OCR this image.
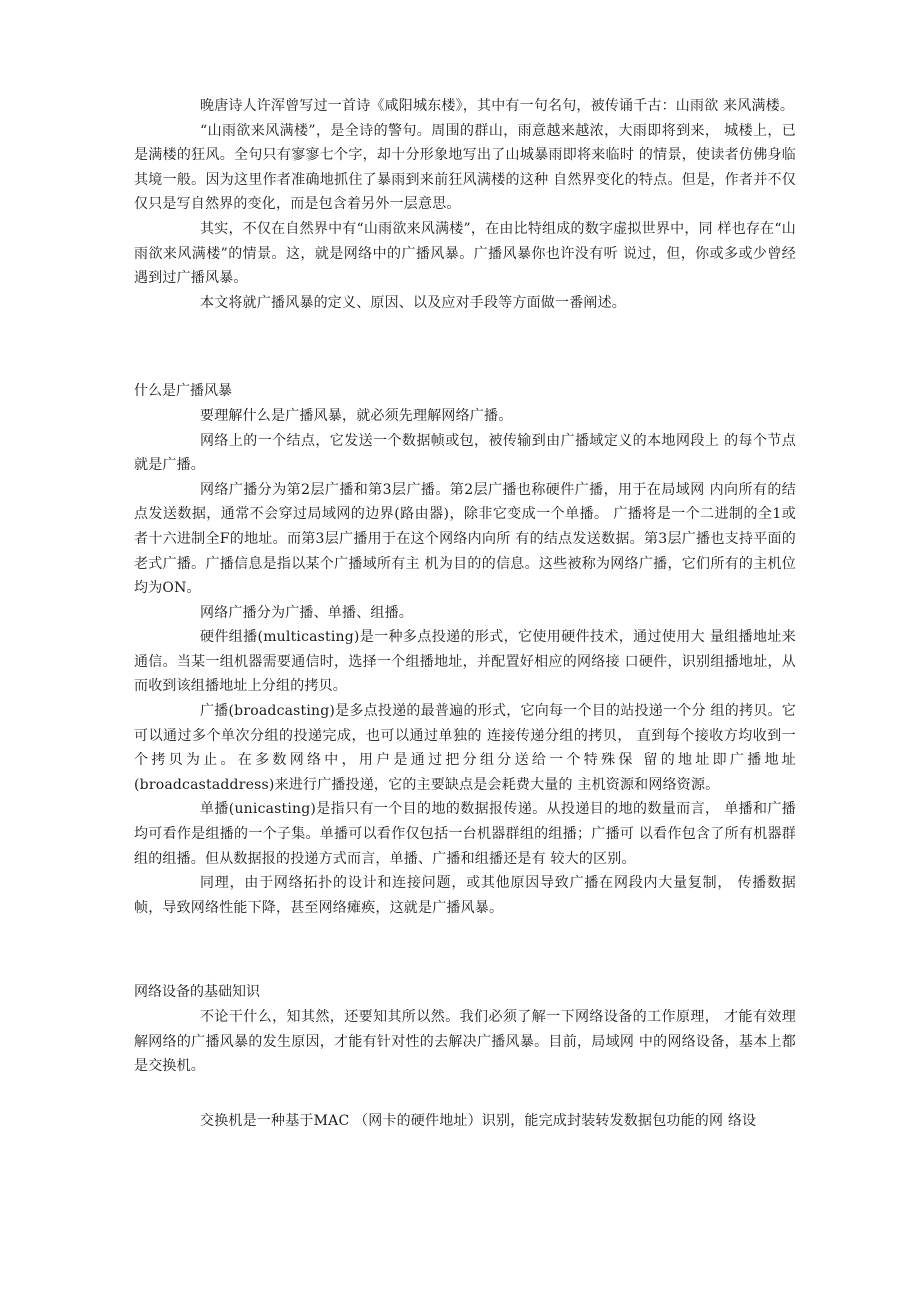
晚唐诗人许浑曾写过一首诗《咸阳城东楼》，其中有一句名句，被传诵千古：山雨欲 来风满楼。

“山雨欲来风满楼”，是全诗的警句。周围的群山，雨意越来越浓，大雨即将到来， 城楼上，已是满楼的狂风。全句只有寥寥七个字，却十分形象地写出了山城暴雨即将来临时 的情景，使读者仿佛身临其境一般。因为这里作者准确地抓住了暴雨到来前狂风满楼的这种 自然界变化的特点。但是，作者并不仅仅只是写自然界的变化，而是包含着另外一层意思。

其实，不仅在自然界中有“山雨欲来风满楼”，在由比特组成的数字虚拟世界中，同 样也存在“山雨欲来风满楼”的情景。这，就是网络中的广播风暴。广播风暴你也许没有听 说过，但，你或多或少曾经遇到过广播风暴。

本文将就广播风暴的定义、原因、以及应对手段等方面做一番阐述。

什么是广播风暴

要理解什么是广播风暴，就必须先理解网络广播。

网络上的一个结点，它发送一个数据帧或包，被传输到由广播域定义的本地网段上 的每个节点就是广播。

网络广播分为第2层广播和第3层广播。第2层广播也称硬件广播，用于在局域网 内向所有的结点发送数据，通常不会穿过局域网的边界(路由器)，除非它变成一个单播。 广播将是一个二进制的全1或者十六进制全F的地址。而第3层广播用于在这个网络内向所 有的结点发送数据。第3层广播也支持平面的老式广播。广播信息是指以某个广播域所有主 机为目的的信息。这些被称为网络广播，它们所有的主机位均为ON。

网络广播分为广播、单播、组播。

硬件组播(multicasting)是一种多点投递的形式，它使用硬件技术，通过使用大 量组播地址来通信。当某一组机器需要通信时，选择一个组播地址，并配置好相应的网络接 口硬件，识别组播地址，从而收到该组播地址上分组的拷贝。

广播(broadcasting)是多点投递的最普遍的形式，它向每一个目的站投递一个分 组的拷贝。它可以通过多个单次分组的投递完成，也可以通过单独的 连接传递分组的拷贝， 直到每个接收方均收到一个拷贝为止。在多数网络中，用户是通过把分组分送给一个特殊保 留的地址即广播地址(broadcastaddress)来进行广播投递，它的主要缺点是会耗费大量的 主机资源和网络资源。

单播(unicasting)是指只有一个目的地的数据报传递。从投递目的地的数量而言， 单播和广播均可看作是组播的一个子集。单播可以看作仅包括一台机器群组的组播；广播可 以看作包含了所有机器群组的组播。但从数据报的投递方式而言，单播、广播和组播还是有 较大的区别。

同理，由于网络拓扑的设计和连接问题，或其他原因导致广播在网段内大量复制， 传播数据帧，导致网络性能下降，甚至网络瘫痪，这就是广播风暴。

网络设备的基础知识

不论干什么，知其然，还要知其所以然。我们必须了解一下网络设备的工作原理， 才能有效理解网络的广播风暴的发生原因，才能有针对性的去解决广播风暴。目前，局域网 中的网络设备，基本上都是交换机。

交换机是一种基于MAC （网卡的硬件地址）识别，能完成封装转发数据包功能的网 络设
